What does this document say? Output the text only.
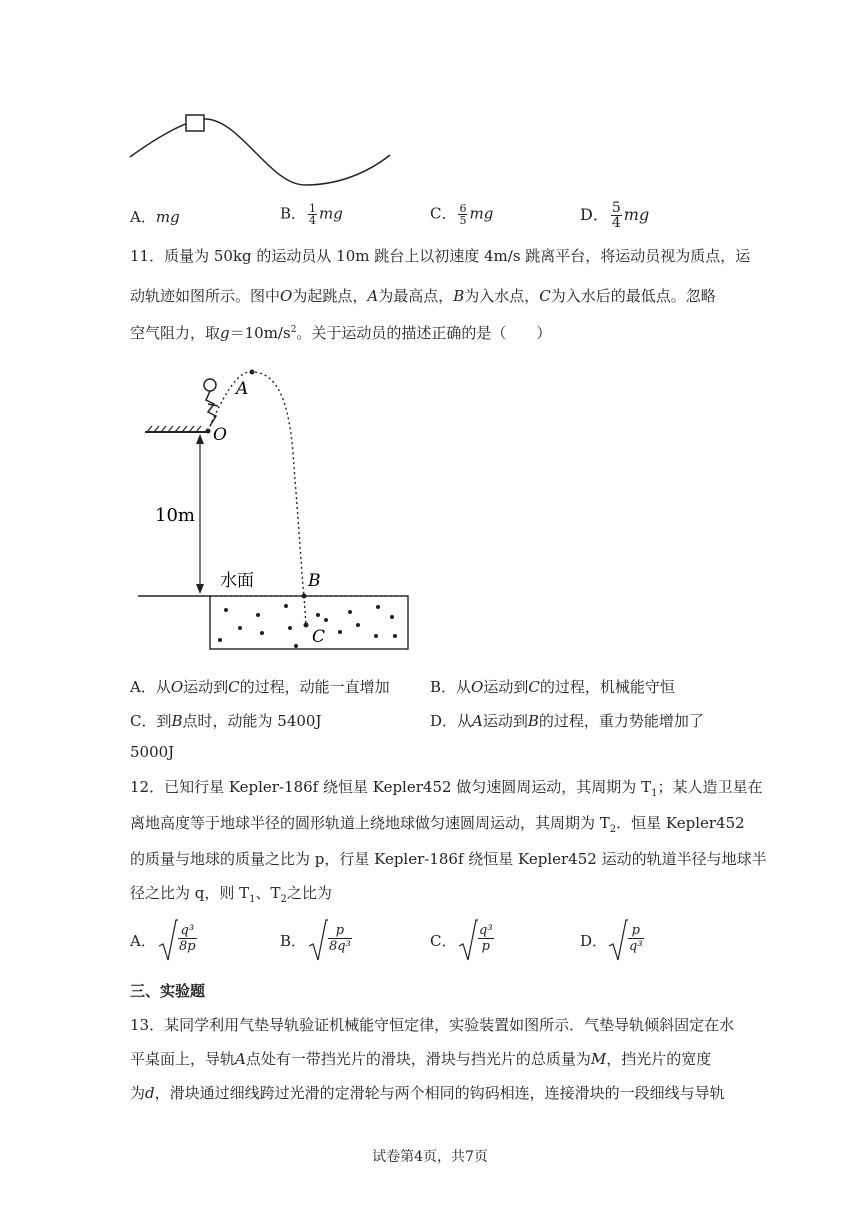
A．mg	B． $\frac{1}{4}$ mg	C． $\frac{6}{5}$ mg	D． $\frac{5}{4}$ mg
11．质量为 50kg 的运动员从 10m 跳台上以初速度 4m/s 跳离平台，将运动员视为质点，运
动轨迹如图所示。图中O为起跳点，A为最高点，B为入水点，C为入水后的最低点。忽略
空气阻力，取$g=10m/s^2$。关于运动员的描述正确的是（　　）
O
A
10m
水面	B
C
A．从O运动到C的过程，动能一直增加	B．从O运动到C的过程，机械能守恒
C．到B点时，动能为 5400J	D．从A运动到B的过程，重力势能增加了
5000J
12．已知行星 Kepler-186f 绕恒星 Kepler452 做匀速圆周运动，其周期为 $T_1$；某人造卫星在
离地高度等于地球半径的圆形轨道上绕地球做匀速圆周运动，其周期为 $T_2$．恒星 Kepler452
的质量与地球的质量之比为 p，行星 Kepler-186f 绕恒星 Kepler452 运动的轨道半径与地球半
径之比为 q，则 $T_1$、$T_2$之比为
A． $\frac{\text{q³}}{8p}$	B． $\frac{p}{\text{8q³}}$	C． $\frac{\text{q³}}{p}$	D． $\frac{p}{\text{q³}}$
三、实验题
13．某同学利用气垫导轨验证机械能守恒定律，实验装置如图所示．气垫导轨倾斜固定在水
平桌面上，导轨A点处有一带挡光片的滑块，滑块与挡光片的总质量为M，挡光片的宽度
为d，滑块通过细线跨过光滑的定滑轮与两个相同的钩码相连，连接滑块的一段细线与导轨
试卷第4页，共7页
